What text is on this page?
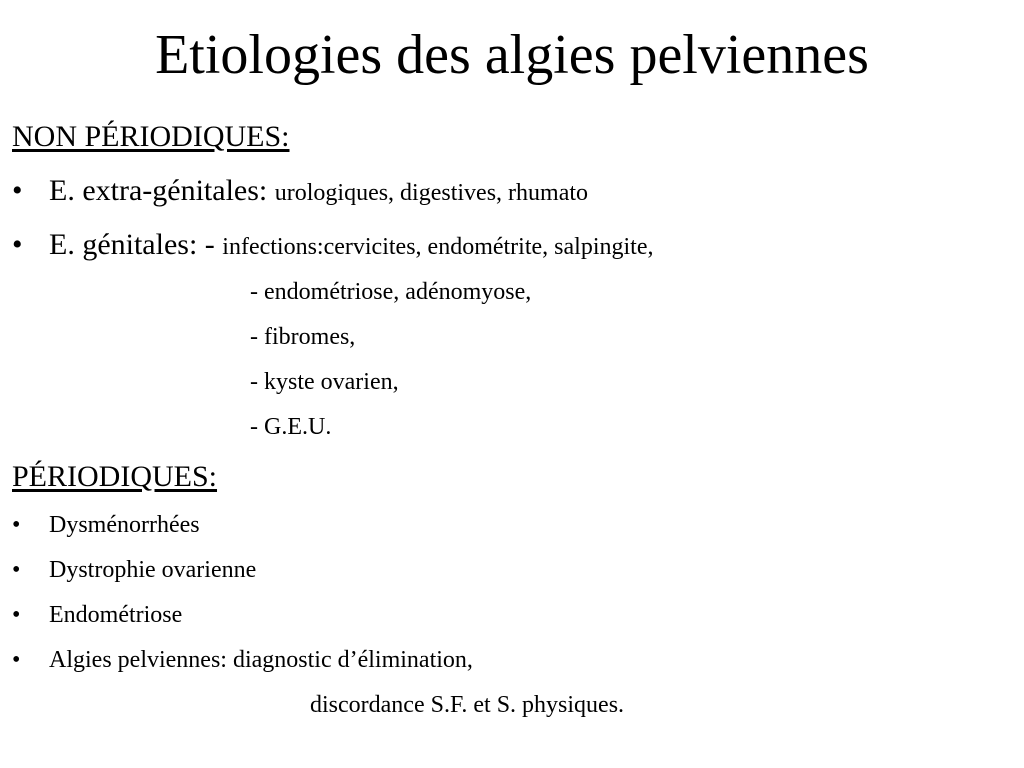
Etiologies des algies pelviennes
NON PÉRIODIQUES:
• E. extra-génitales: urologiques, digestives, rhumato
• E. génitales: - infections:cervicites, endométrite, salpingite,
- endométriose, adénomyose,
- fibromes,
- kyste ovarien,
- G.E.U.
PÉRIODIQUES:
• Dysménorrhées
• Dystrophie ovarienne
• Endométriose
• Algies pelviennes: diagnostic d’élimination,
discordance S.F. et S. physiques.
